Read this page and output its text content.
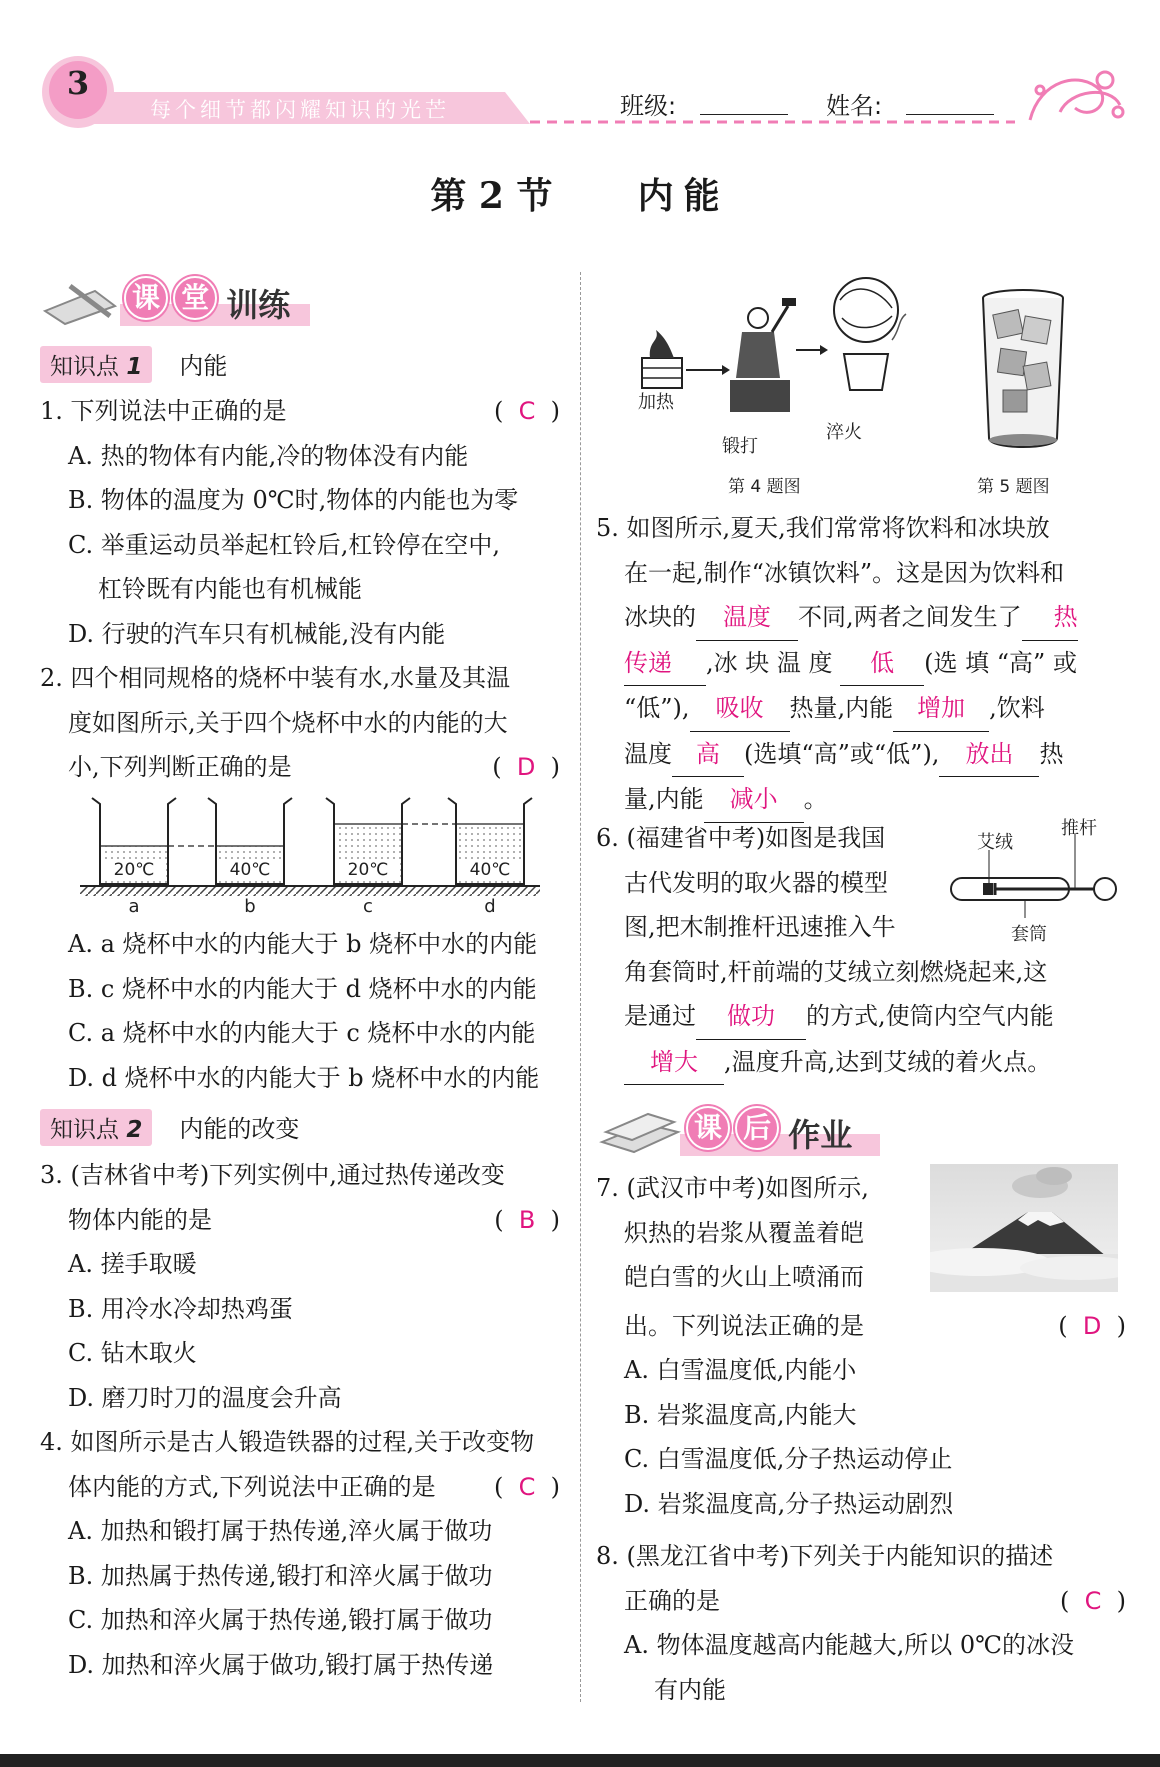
3
每个细节都闪耀知识的光芒	班级:	姓名:
第 2 节 内能
课 堂 训练
知识点 1 内能
1. 下列说法中正确的是	(  C  )
A. 热的物体有内能,冷的物体没有内能
B. 物体的温度为 0℃时,物体的内能也为零
C. 举重运动员举起杠铃后,杠铃停在空中,
杠铃既有内能也有机械能
D. 行驶的汽车只有机械能,没有内能
2. 四个相同规格的烧杯中装有水,水量及其温
度如图所示,关于四个烧杯中水的内能的大
小,下列判断正确的是	(  D  )
20℃	40℃	20℃	40℃
a	b	c	d
A. a 烧杯中水的内能大于 b 烧杯中水的内能
B. c 烧杯中水的内能大于 d 烧杯中水的内能
C. a 烧杯中水的内能大于 c 烧杯中水的内能
D. d 烧杯中水的内能大于 b 烧杯中水的内能
知识点 2 内能的改变
3. (吉林省中考)下列实例中,通过热传递改变
物体内能的是	(  B  )
A. 搓手取暖
B. 用冷水冷却热鸡蛋
C. 钻木取火
D. 磨刀时刀的温度会升高
4. 如图所示是古人锻造铁器的过程,关于改变物
体内能的方式,下列说法中正确的是 (  C  )
A. 加热和锻打属于热传递,淬火属于做功
B. 加热属于热传递,锻打和淬火属于做功
C. 加热和淬火属于热传递,锻打属于做功
D. 加热和淬火属于做功,锻打属于热传递
加热
锻打
淬火
第 4 题图	第 5 题图
5. 如图所示,夏天,我们常常将饮料和冰块放
在一起,制作“冰镇饮料”。这是因为饮料和
冰块的 温度 不同,两者之间发生了 热
传递 ,冰 块 温 度 低 (选 填 “高” 或
“低”), 吸收 热量,内能 增加 ,饮料
温度 高 (选填“高”或“低”), 放出 热
量,内能 减小 。
6. (福建省中考)如图是我国
古代发明的取火器的模型
图,把木制推杆迅速推入牛
角套筒时,杆前端的艾绒立刻燃烧起来,这
是通过 做功 的方式,使筒内空气内能
增大 ,温度升高,达到艾绒的着火点。
艾绒
推杆
套筒
课 后 作业
7. (武汉市中考)如图所示,
炽热的岩浆从覆盖着皑
皑白雪的火山上喷涌而
出。下列说法正确的是	(  D  )
A. 白雪温度低,内能小
B. 岩浆温度高,内能大
C. 白雪温度低,分子热运动停止
D. 岩浆温度高,分子热运动剧烈
8. (黑龙江省中考)下列关于内能知识的描述
正确的是	(  C  )
A. 物体温度越高内能越大,所以 0℃的冰没
有内能
